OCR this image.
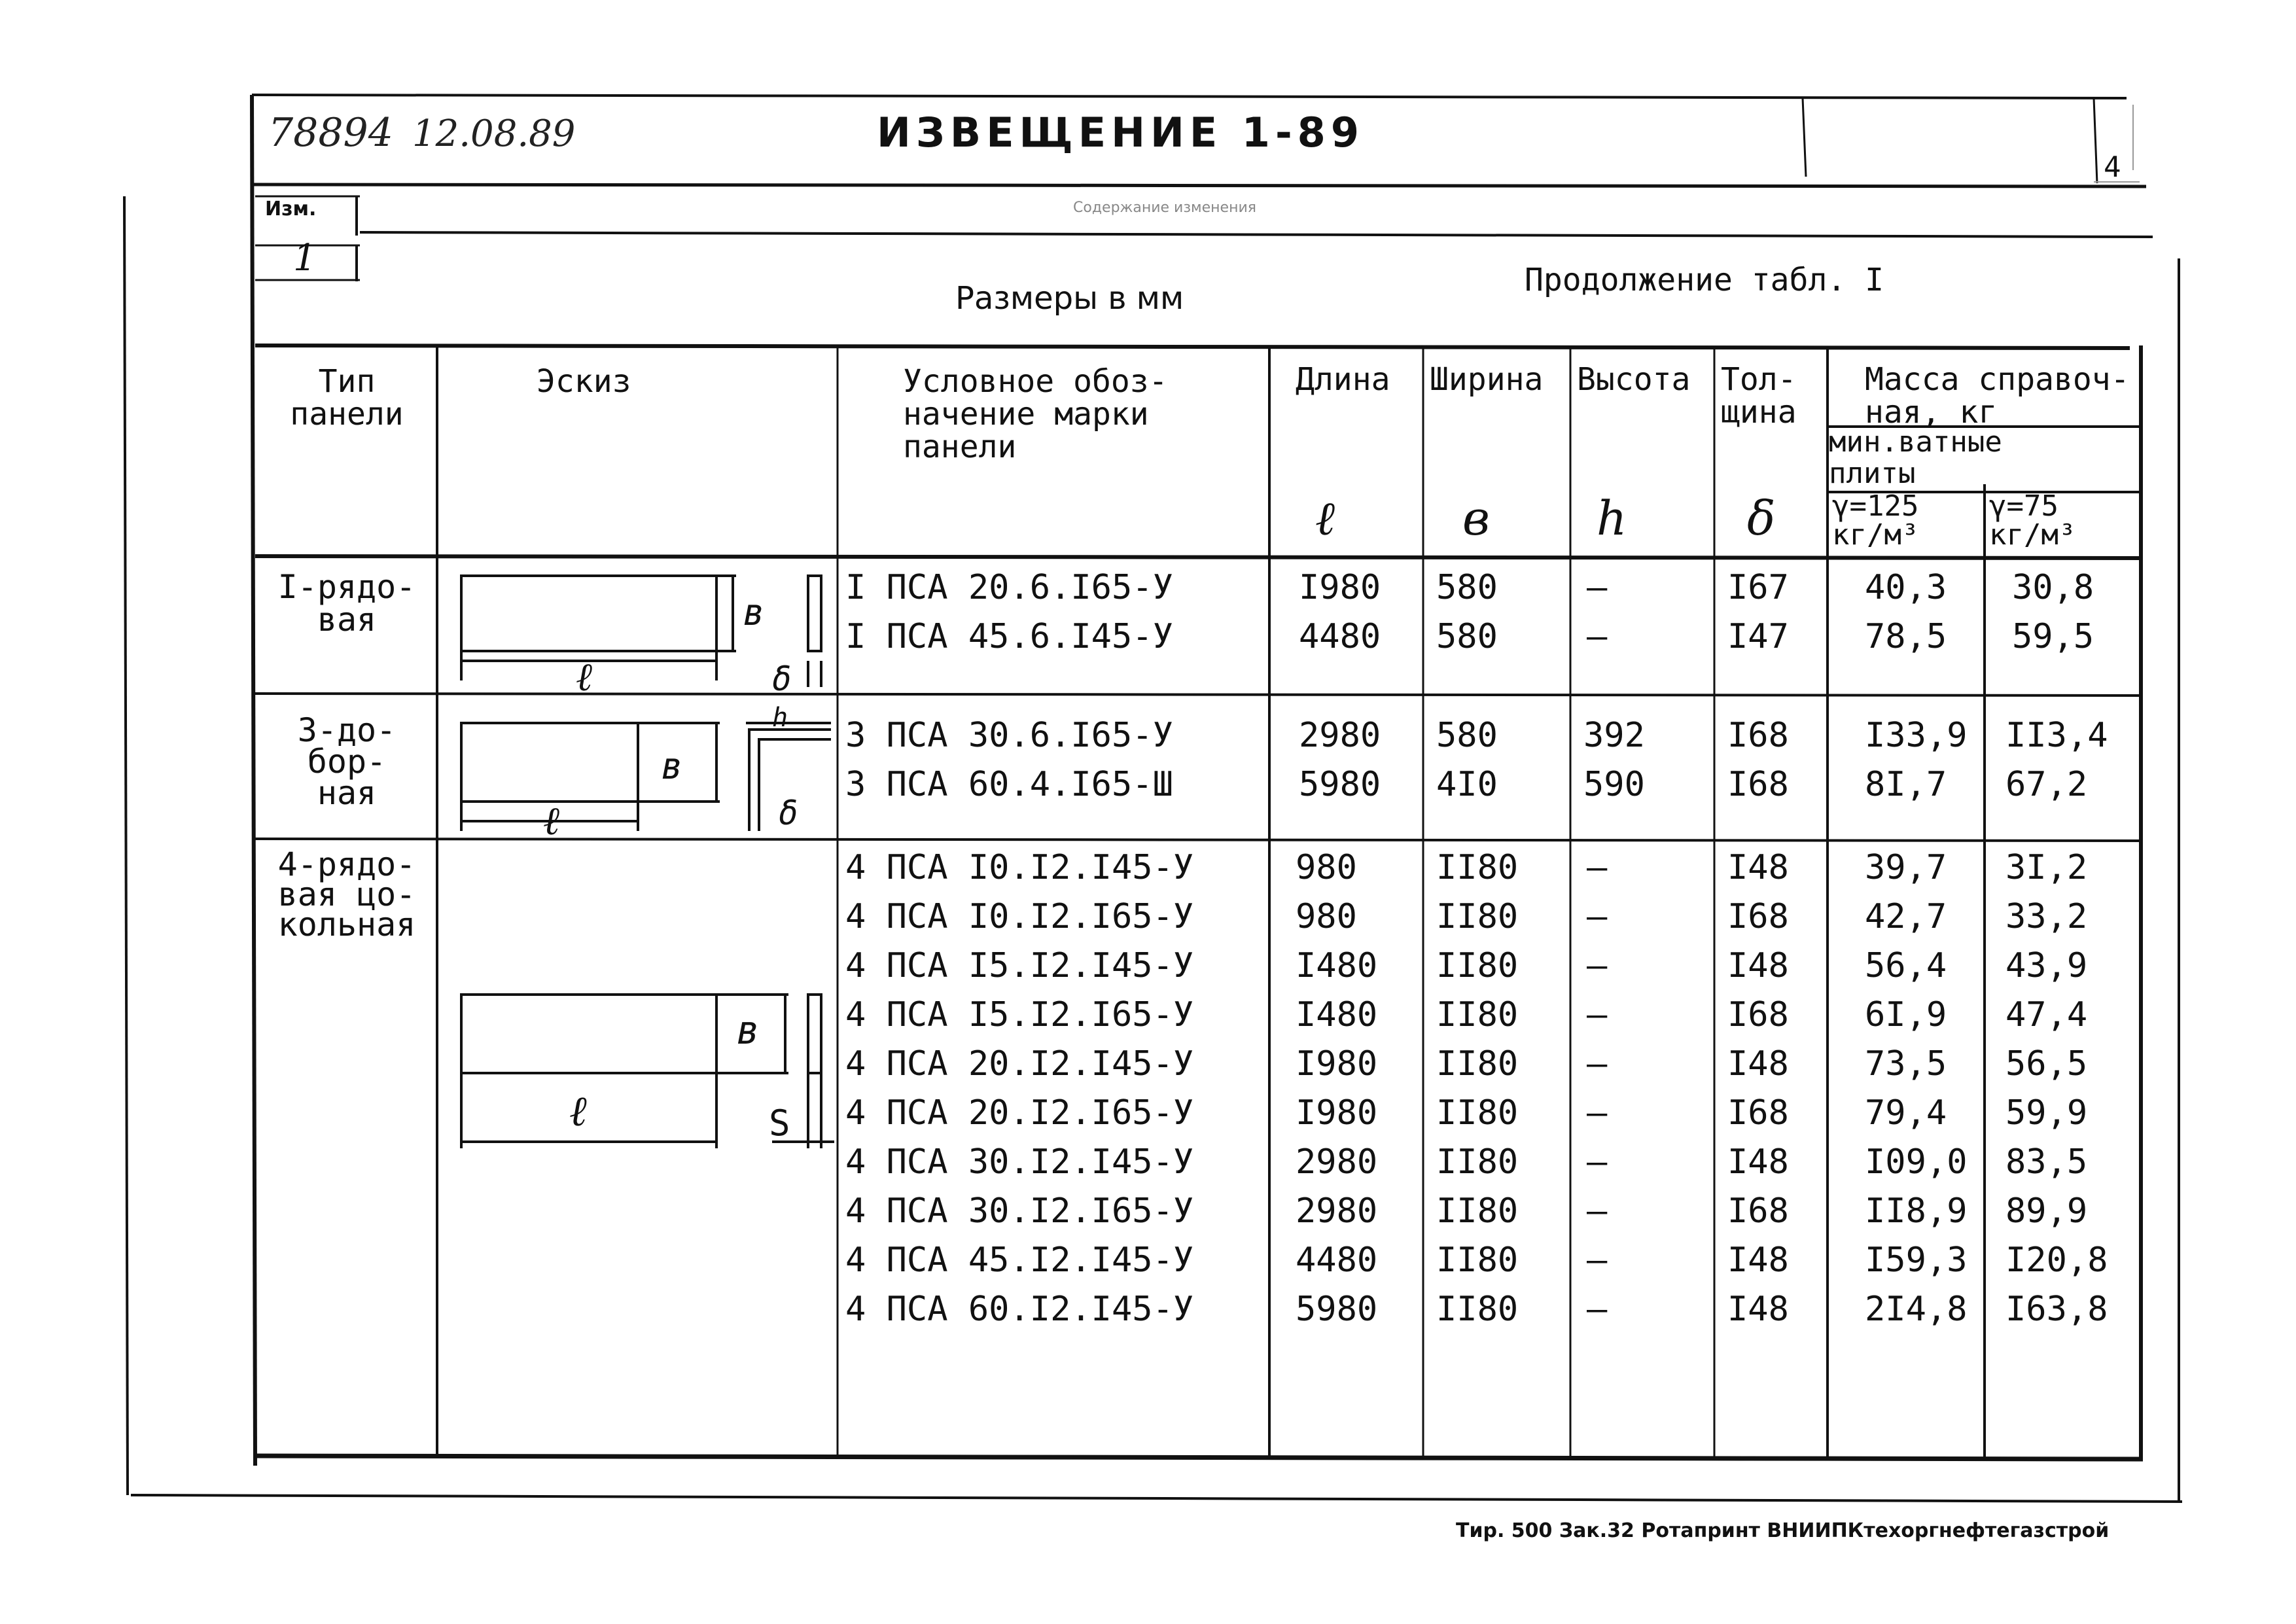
78894 12.08.89	ИЗВЕЩЕНИЕ 1-89
4
Изм.
1
Содержание изменения
Размеры в мм	Продолжение табл. I
Тип
панели
Эскиз	Условное обоз-
начение марки
панели
Длина Ширина Высота Тол-
щина
Масса справоч-
ная, кг
мин.ватные
плиты
γ=125
кг/м³
γ=75
кг/м³
ℓ	в h	δ
I-рядо-
вая
3-до-
бор-
ная
4-рядо-
вая цо-
кольная
ℓ
в
δ
ℓ
в
h
δ
ℓ
в
S
I ПСА 20.6.I65-У	I980 580	–	I67 40,3 30,8
I ПСА 45.6.I45-У	4480 580	–	I47 78,5 59,5
3 ПСА 30.6.I65-У	2980 580	392 I68 I33,9 II3,4
3 ПСА 60.4.I65-Ш	5980 4I0	590 I68 8I,7 67,2
4 ПСА I0.I2.I45-У	980 II80 –	I48 39,7 3I,2
4 ПСА I0.I2.I65-У	980 II80 –	I68 42,7 33,2
4 ПСА I5.I2.I45-У	I480 II80 –	I48 56,4 43,9
4 ПСА I5.I2.I65-У	I480 II80 –	I68 6I,9 47,4
4 ПСА 20.I2.I45-У	I980 II80 –	I48 73,5 56,5
4 ПСА 20.I2.I65-У	I980 II80 –	I68 79,4 59,9
4 ПСА 30.I2.I45-У	2980 II80 –	I48 I09,0 83,5
4 ПСА 30.I2.I65-У	2980 II80 –	I68 II8,9 89,9
4 ПСА 45.I2.I45-У	4480 II80 –	I48 I59,3 I20,8
4 ПСА 60.I2.I45-У	5980 II80 –	I48 2I4,8 I63,8
Тир. 500 Зак.32 Ротапринт ВНИИПКтехоргнефтегазстрой
